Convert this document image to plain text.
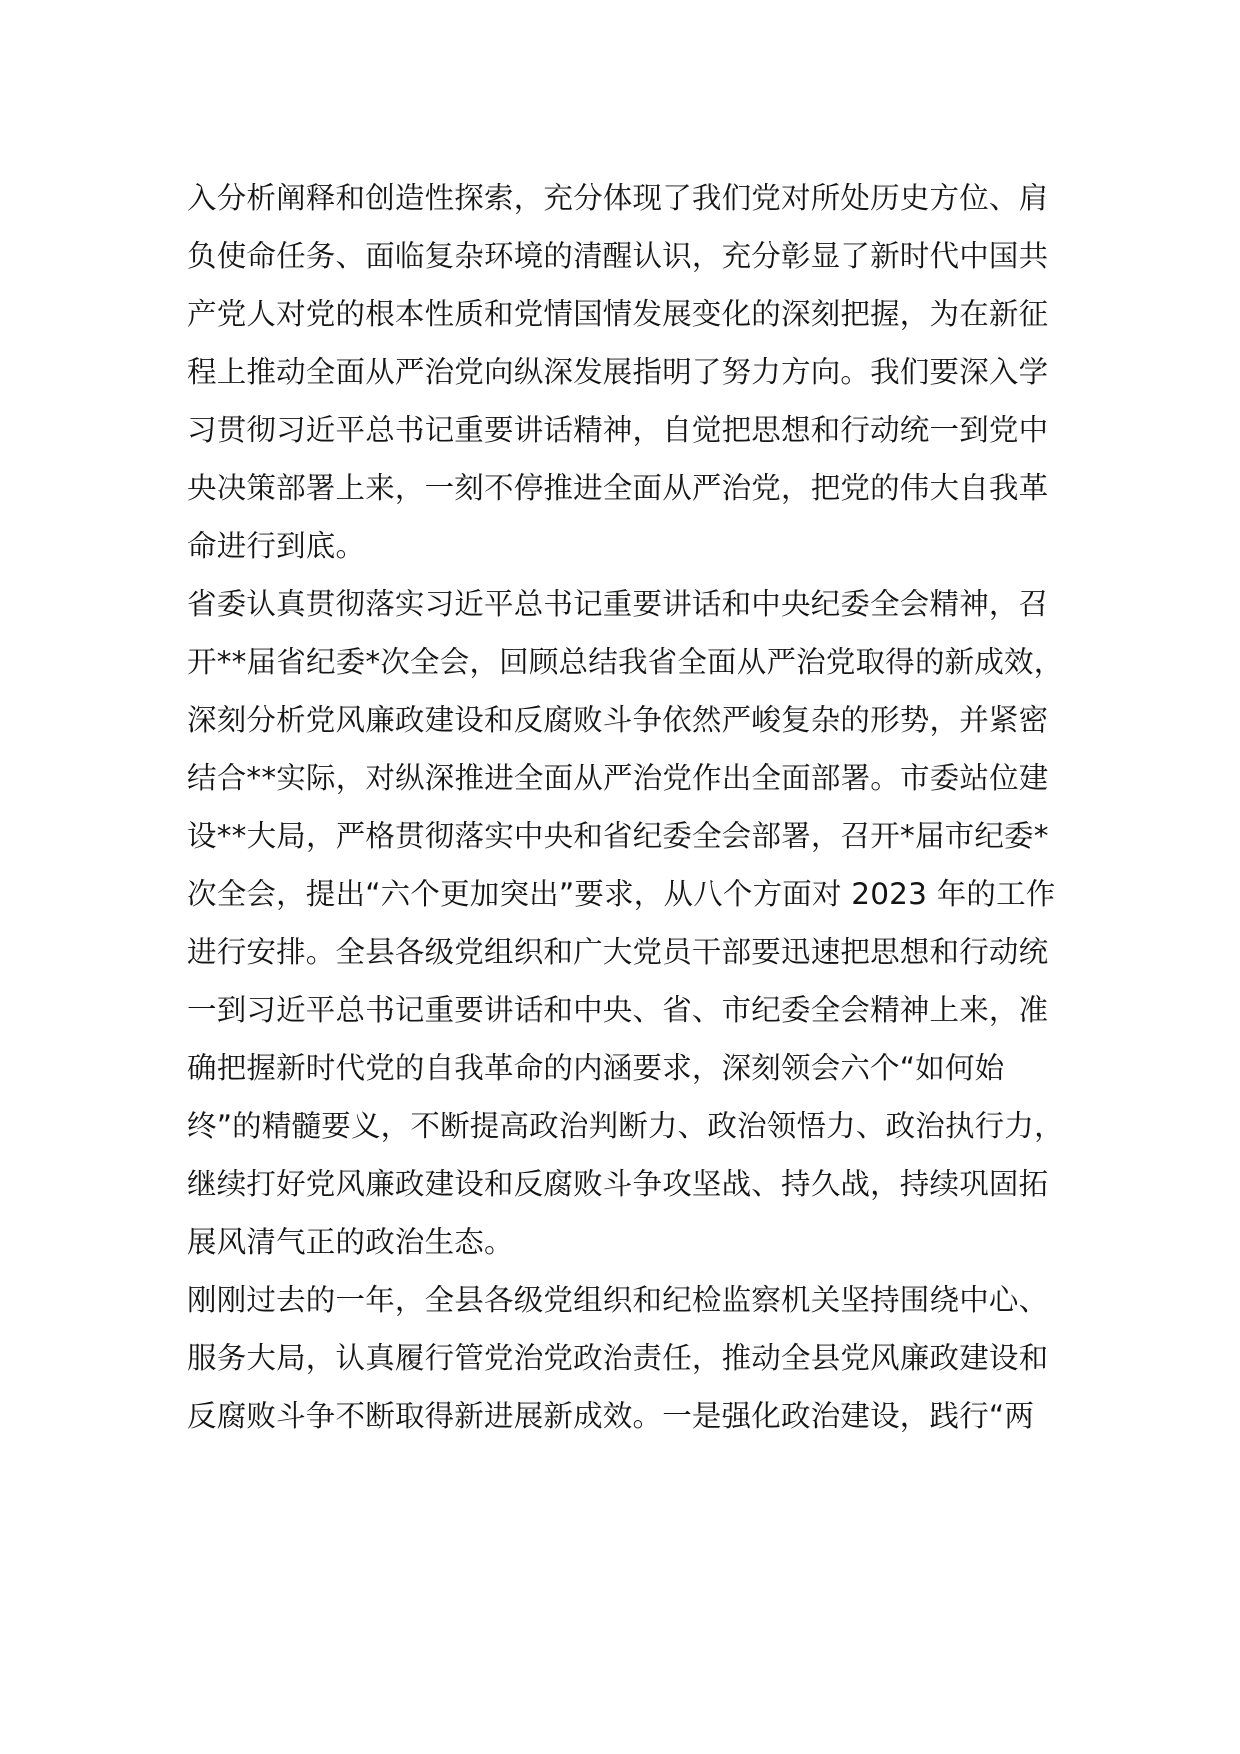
入分析阐释和创造性探索，充分体现了我们党对所处历史方位、肩
负使命任务、面临复杂环境的清醒认识，充分彰显了新时代中国共
产党人对党的根本性质和党情国情发展变化的深刻把握，为在新征
程上推动全面从严治党向纵深发展指明了努力方向。我们要深入学
习贯彻习近平总书记重要讲话精神，自觉把思想和行动统一到党中
央决策部署上来，一刻不停推进全面从严治党，把党的伟大自我革
命进行到底。
省委认真贯彻落实习近平总书记重要讲话和中央纪委全会精神，召
开**届省纪委*次全会，回顾总结我省全面从严治党取得的新成效，
深刻分析党风廉政建设和反腐败斗争依然严峻复杂的形势，并紧密
结合**实际，对纵深推进全面从严治党作出全面部署。市委站位建
设**大局，严格贯彻落实中央和省纪委全会部署，召开*届市纪委*
次全会，提出“六个更加突出”要求，从八个方面对 2023 年的工作
进行安排。全县各级党组织和广大党员干部要迅速把思想和行动统
一到习近平总书记重要讲话和中央、省、市纪委全会精神上来，准
确把握新时代党的自我革命的内涵要求，深刻领会六个“如何始
终”的精髓要义，不断提高政治判断力、政治领悟力、政治执行力，
继续打好党风廉政建设和反腐败斗争攻坚战、持久战，持续巩固拓
展风清气正的政治生态。
刚刚过去的一年，全县各级党组织和纪检监察机关坚持围绕中心、
服务大局，认真履行管党治党政治责任，推动全县党风廉政建设和
反腐败斗争不断取得新进展新成效。一是强化政治建设，践行“两
